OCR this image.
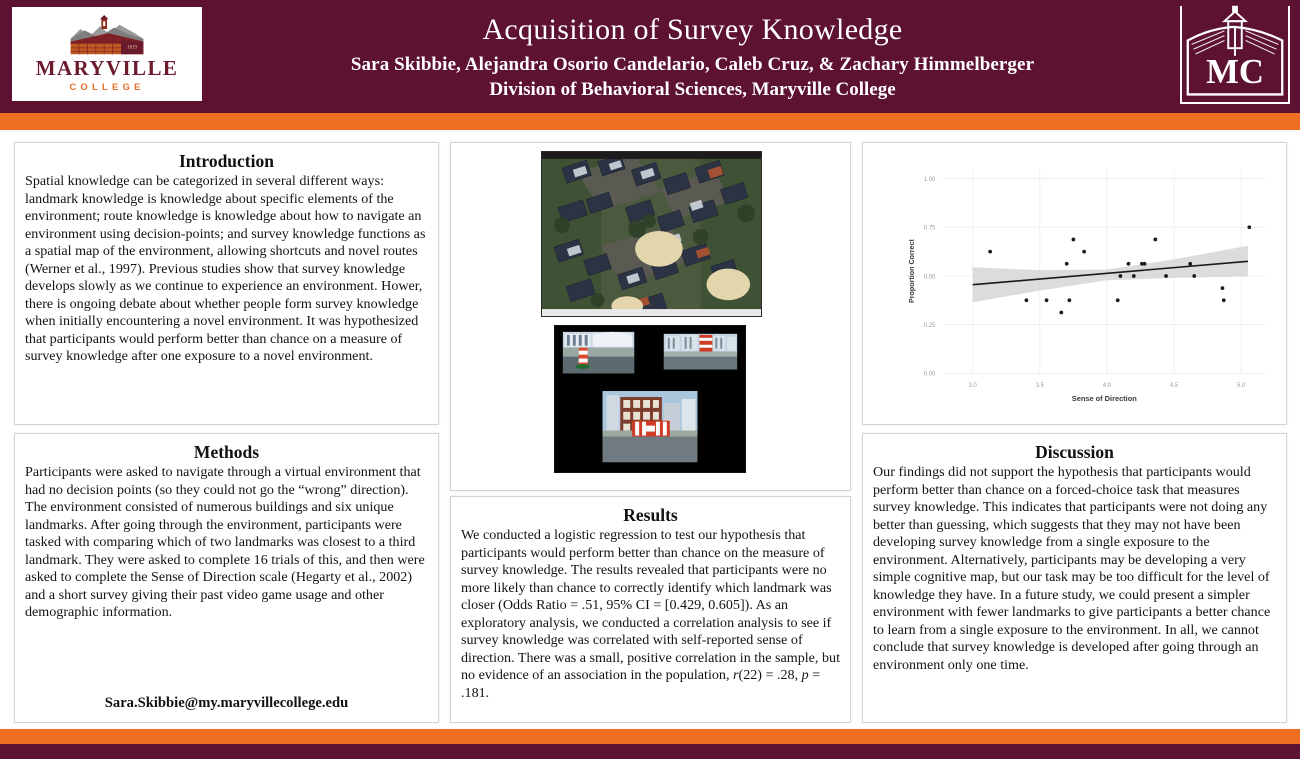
1819
MARYVILLE
COLLEGE
Acquisition of Survey Knowledge
Sara Skibbie, Alejandra Osorio Candelario, Caleb Cruz, & Zachary Himmelberger
Division of Behavioral Sciences, Maryville College	MC
Introduction
Spatial knowledge can be categorized in several different ways: landmark knowledge is knowledge about specific elements of the environment; route knowledge is knowledge about how to navigate an environment using decision-points; and survey knowledge functions as a spatial map of the environment, allowing shortcuts and novel routes (Werner et al., 1997). Previous studies show that survey knowledge develops slowly as we continue to experience an environment. Hower, there is ongoing debate about whether people form survey knowledge when initially encountering a novel environment. It was hypothesized that participants would perform better than chance on a measure of survey knowledge after one exposure to a novel environment.
Methods
Participants were asked to navigate through a virtual environment that had no decision points (so they could not go the “wrong” direction). The environment consisted of numerous buildings and six unique landmarks. After going through the environment, participants were tasked with comparing which of two landmarks was closest to a third landmark. They were asked to complete 16 trials of this, and then were asked to complete the Sense of Direction scale (Hegarty et al., 2002) and a short survey giving their past video game usage and other demographic information.
Sara.Skibbie@my.maryvillecollege.edu
Results
We conducted a logistic regression to test our hypothesis that participants would perform better than chance on the measure of survey knowledge. The results revealed that participants were no more likely than chance to correctly identify which landmark was closer (Odds Ratio = .51, 95% CI = [0.429, 0.605]). As an exploratory analysis, we conducted a correlation analysis to see if survey knowledge was correlated with self-reported sense of direction. There was a small, positive correlation in the sample, but no evidence of an association in the population, r(22) = .28, p = .181.
0.00
0.25
0.50
0.75
1.00
3.0	3.5	4.0	4.5	5.0
Sense of Direction
Proportion Correct
Discussion
Our findings did not support the hypothesis that participants would perform better than chance on a forced-choice task that measures survey knowledge. This indicates that participants were not doing any better than guessing, which suggests that they may not have been developing survey knowledge from a single exposure to the environment. Alternatively, participants may be developing a very simple cognitive map, but our task may be too difficult for the level of knowledge they have. In a future study, we could present a simpler environment with fewer landmarks to give participants a better chance to learn from a single exposure to the environment. In all, we cannot conclude that survey knowledge is developed after going through an environment only one time.
